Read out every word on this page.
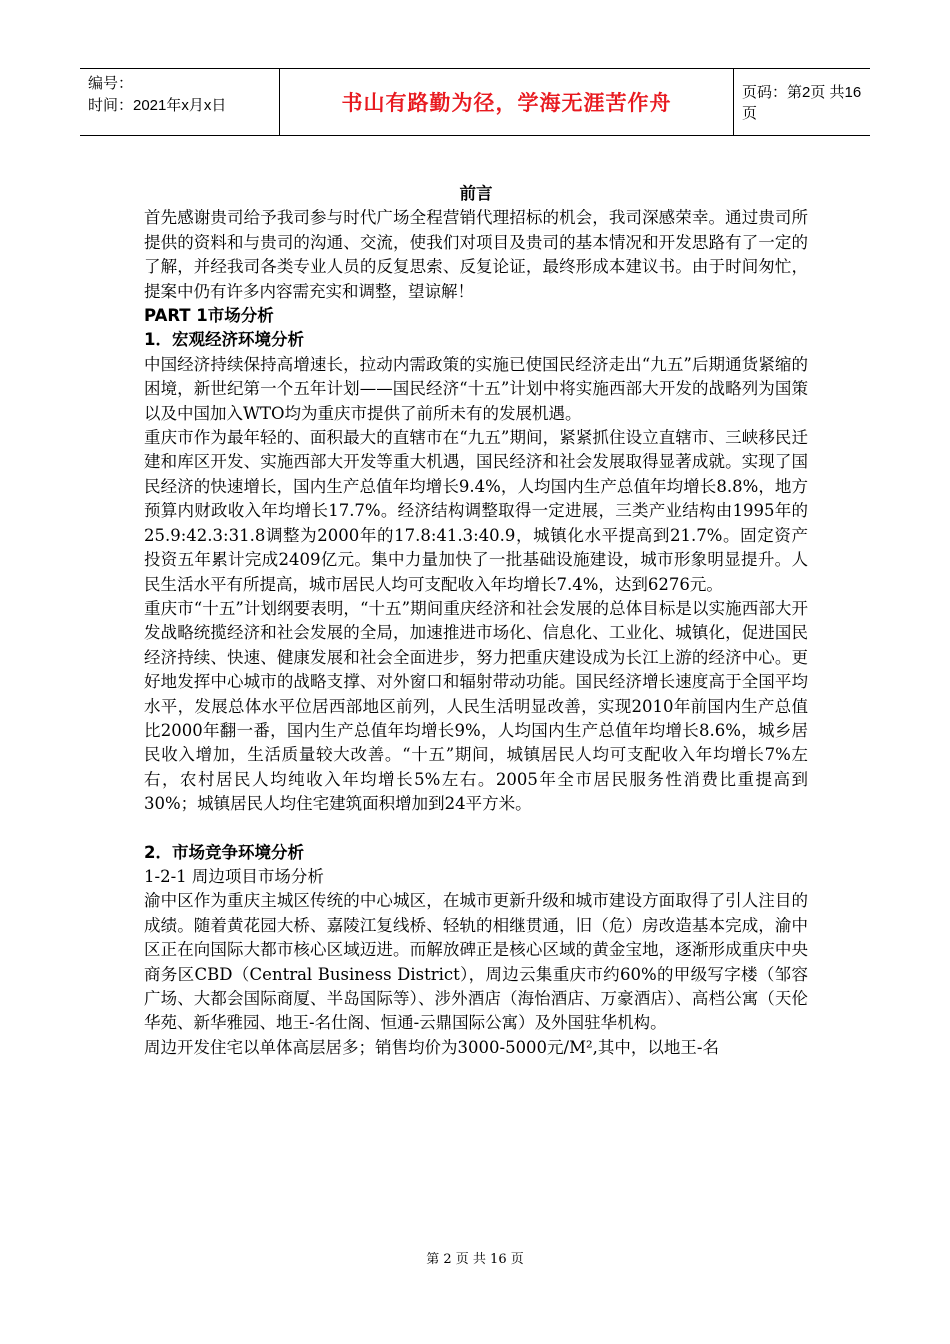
编号：
时间：2021年x月x日	书山有路勤为径，学海无涯苦作舟	页码：第2页 共16页

前言

首先感谢贵司给予我司参与时代广场全程营销代理招标的机会，我司深感荣幸。通过贵司所提供的资料和与贵司的沟通、交流，使我们对项目及贵司的基本情况和开发思路有了一定的了解，并经我司各类专业人员的反复思索、反复论证，最终形成本建议书。由于时间匆忙，提案中仍有许多内容需充实和调整，望谅解！

PART 1市场分析

1．宏观经济环境分析

中国经济持续保持高增速长，拉动内需政策的实施已使国民经济走出“九五”后期通货紧缩的困境，新世纪第一个五年计划——国民经济“十五”计划中将实施西部大开发的战略列为国策以及中国加入WTO均为重庆市提供了前所未有的发展机遇。

重庆市作为最年轻的、面积最大的直辖市在“九五”期间，紧紧抓住设立直辖市、三峡移民迁建和库区开发、实施西部大开发等重大机遇，国民经济和社会发展取得显著成就。实现了国民经济的快速增长，国内生产总值年均增长9.4%，人均国内生产总值年均增长8.8%，地方预算内财政收入年均增长17.7%。经济结构调整取得一定进展，三类产业结构由1995年的25.9:42.3:31.8调整为2000年的17.8:41.3:40.9，城镇化水平提高到21.7%。固定资产投资五年累计完成2409亿元。集中力量加快了一批基础设施建设，城市形象明显提升。人民生活水平有所提高，城市居民人均可支配收入年均增长7.4%，达到6276元。

重庆市“十五”计划纲要表明，“十五”期间重庆经济和社会发展的总体目标是以实施西部大开发战略统揽经济和社会发展的全局，加速推进市场化、信息化、工业化、城镇化，促进国民经济持续、快速、健康发展和社会全面进步，努力把重庆建设成为长江上游的经济中心。更好地发挥中心城市的战略支撑、对外窗口和辐射带动功能。国民经济增长速度高于全国平均水平，发展总体水平位居西部地区前列，人民生活明显改善，实现2010年前国内生产总值比2000年翻一番，国内生产总值年均增长9%，人均国内生产总值年均增长8.6%，城乡居民收入增加，生活质量较大改善。“十五”期间，城镇居民人均可支配收入年均增长7%左右，农村居民人均纯收入年均增长5%左右。2005年全市居民服务性消费比重提高到30%；城镇居民人均住宅建筑面积增加到24平方米。

2．市场竞争环境分析

1-2-1 周边项目市场分析

渝中区作为重庆主城区传统的中心城区，在城市更新升级和城市建设方面取得了引人注目的成绩。随着黄花园大桥、嘉陵江复线桥、轻轨的相继贯通，旧（危）房改造基本完成，渝中区正在向国际大都市核心区域迈进。而解放碑正是核心区域的黄金宝地，逐渐形成重庆中央商务区CBD（Central Business District），周边云集重庆市约60%的甲级写字楼（邹容广场、大都会国际商厦、半岛国际等）、涉外酒店（海怡酒店、万豪酒店）、高档公寓（天伦华苑、新华雅园、地王-名仕阁、恒通-云鼎国际公寓）及外国驻华机构。

周边开发住宅以单体高层居多；销售均价为3000-5000元/M²,其中，以地王-名

第 2 页 共 16 页
